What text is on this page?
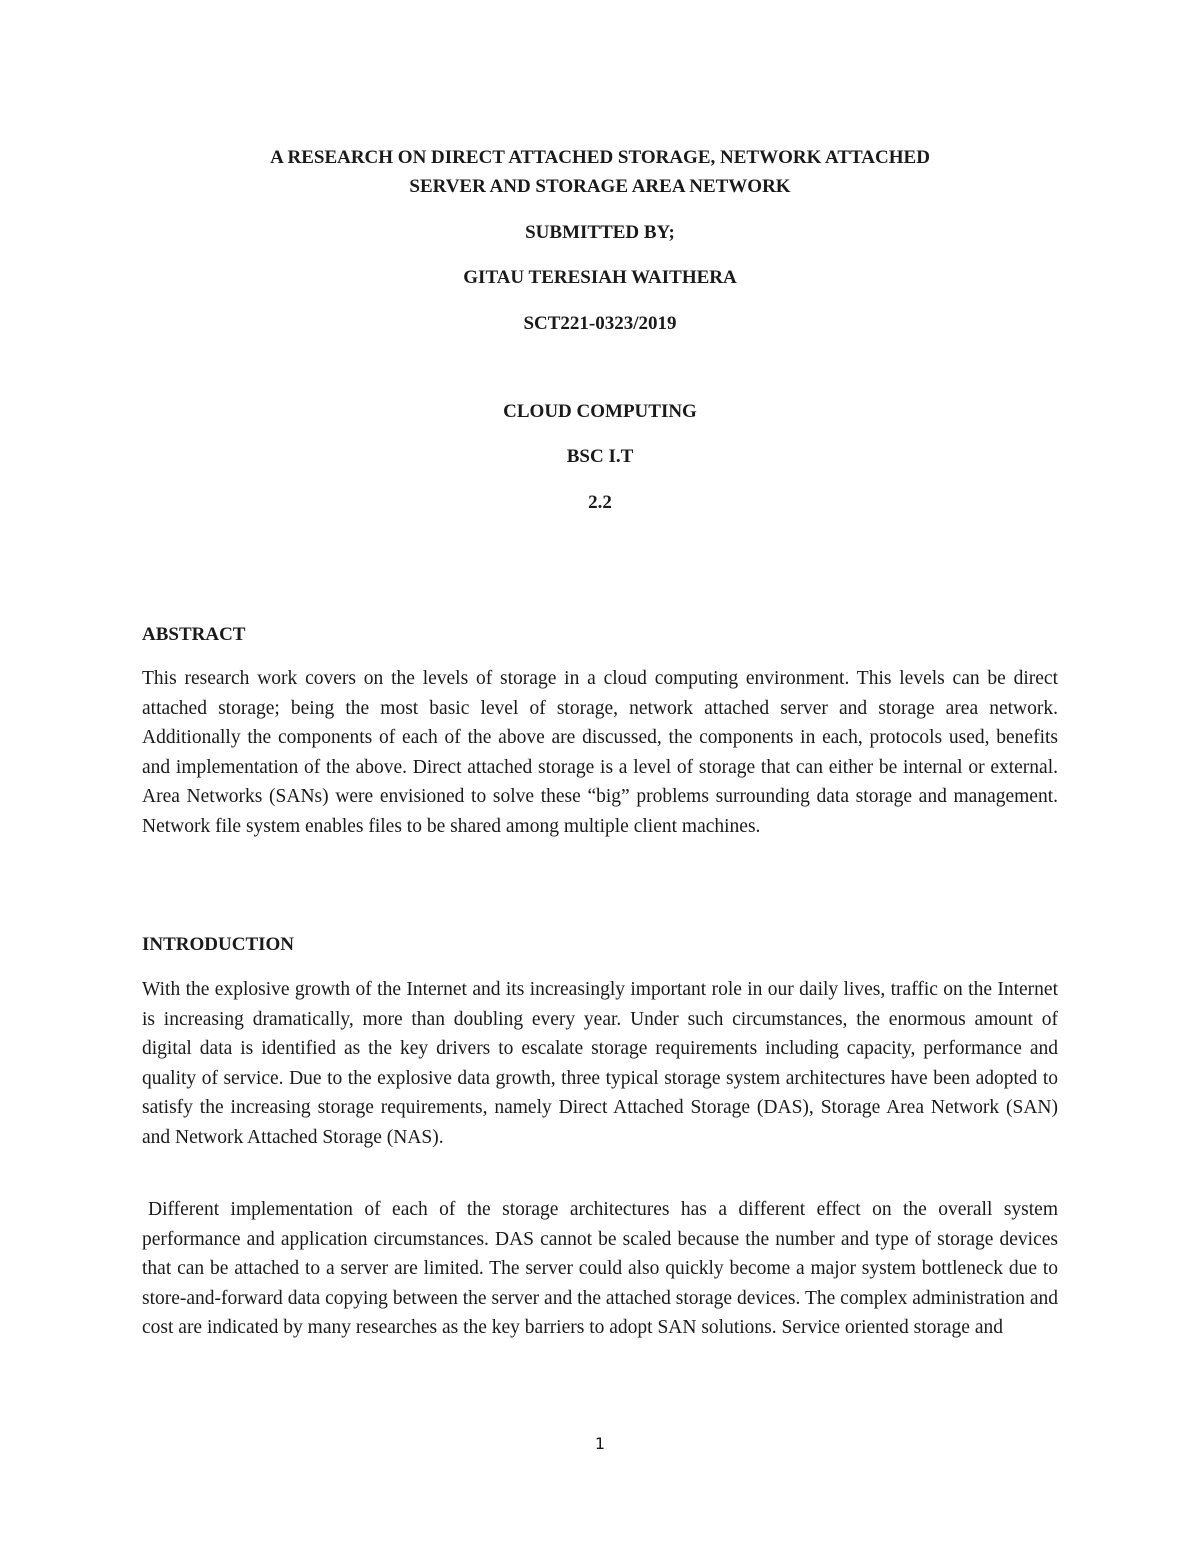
A RESEARCH ON DIRECT ATTACHED STORAGE, NETWORK ATTACHED
SERVER AND STORAGE AREA NETWORK
SUBMITTED BY;
GITAU TERESIAH WAITHERA
SCT221-0323/2019
CLOUD COMPUTING
BSC I.T
2.2
ABSTRACT

This research work covers on the levels of storage in a cloud computing environment. This levels can be direct attached storage; being the most basic level of storage, network attached server and storage area network. Additionally the components of each of the above are discussed, the components in each, protocols used, benefits and implementation of the above. Direct attached storage is a level of storage that can either be internal or external. Area Networks (SANs) were envisioned to solve these “big” problems surrounding data storage and management. Network file system enables files to be shared among multiple client machines.

INTRODUCTION

With the explosive growth of the Internet and its increasingly important role in our daily lives, traffic on the Internet is increasing dramatically, more than doubling every year. Under such circumstances, the enormous amount of digital data is identified as the key drivers to escalate storage requirements including capacity, performance and quality of service. Due to the explosive data growth, three typical storage system architectures have been adopted to satisfy the increasing storage requirements, namely Direct Attached Storage (DAS), Storage Area Network (SAN) and Network Attached Storage (NAS).

Different implementation of each of the storage architectures has a different effect on the overall system performance and application circumstances. DAS cannot be scaled because the number and type of storage devices that can be attached to a server are limited. The server could also quickly become a major system bottleneck due to store-and-forward data copying between the server and the attached storage devices. The complex administration and cost are indicated by many researches as the key barriers to adopt SAN solutions. Service oriented storage and

1
